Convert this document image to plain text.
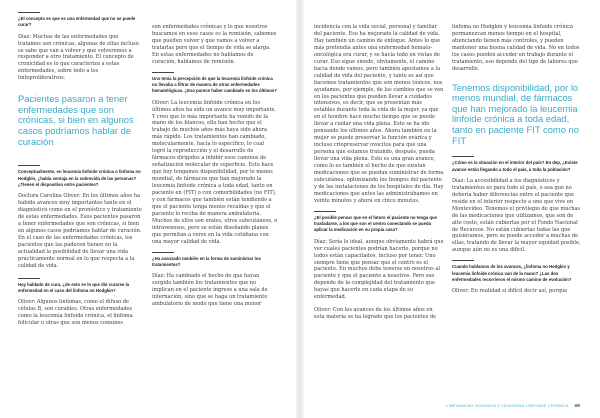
¿El concepto es que es una enfermedad que no se puede curar?

Díaz: Muchas de las enfermedades que tratamos son crónicas, algunas de ellas incluso se sabe que van a volver y que volveremos a responder a otro tratamiento. El concepto de cronicidad es lo que caracteriza a estas enfermedades, sobre todo a los linfoproliferativos.

Pacientes pasaron a tener enfermedades que son crónicas, si bien en algunos casos podríamos hablar de curación

Conceptualmente, en leucemia linfoide crónica o linfoma no Hodgkin, ¿había ventaja en la sobrevida de las personas? ¿Tienen el dispositivo entre pacientes?

Doctora Carolina Oliver: En los últimos años ha habido avances muy importantes tanto en el diagnóstico como en el pronóstico y tratamiento de estas enfermedades. Esos pacientes pasaron a tener enfermedades que son crónicas, si bien en algunos casos podríamos hablar de curación. En el caso de las enfermedades crónicas, los pacientes que las padecen tienen en la actualidad la posibilidad de llevar una vida prácticamente normal en lo que respecta a la calidad de vida.

Hay hablado de cura, ¿de esto es lo que dió curarse la enfermedad en el caso del linfoma no Hodgkin?

Oliver: Algunos linfomas, como el difuso de células B, son curables. Otras enfermedades como la leucemia linfoide crónica, el linfoma folicular u otras que son menos comunes

son enfermedades crónicas y lo que nosotros buscamos en esos casos es la remisión, sabemos que pueden volver y que vamos a volver a tratarlas pero que el tiempo de vida se alarga. En estas enfermedades no hablamos de curación, hablamos de remisión.

Uno tenía la percepción de que la leucemia linfoide crónica no llevaba a filtrar de manera de otras enfermedades hematológicas. ¿Eso parece haber cambiado en los últimos?

Oliver: La leucemia linfoide crónica en los últimos años ha sido un avance muy importante. Y creo que lo más importante ha venido de la mano de los blancos, ello han hecho que el trabajo de muchos años más haya sido ahora más rápido. Los tratamientos han cambiado, molecularmente, hacía lo específico, lo cual logró la reproducción y el desarrollo de fármacos dirigidos a inhibir esos caminos de señalización molecular de superficie. Esto hace que hoy tengamos disponibilidad, por lo menos mundial, de fármacos que han mejorado la leucemia linfoide crónica a toda edad, tanto en paciente en (FIT) o con comorbilidades (no FIT), y con fármacos que también están tendiendo a que el paciente tenga menos recaídas y que el paciente lo reciba de manera ambulatoria. Muchos de ellos son orales, otros subcutáneos, o intravenosos, pero se están diseñando planes que permitan a verse en la vida cotidiana con una mayor calidad de vida.

¿Ha avanzado también en la forma de suministrar los tratamientos?

Díaz: Ha cambiado el hecho de que hayan surgido también los tratamientos que no implican en el paciente ingrese a una sala de internación, sino que se haga un tratamiento ambulatorio de modo que tiene una menor

incidencia con la vida social, personal y familiar del paciente. Eso ha mejorado la calidad de vida. Hay también un cambio de enfoque. Antes lo que más pretendía antes una enfermedad hemato-oncológica era curar, y se hacía todo en vistas de curar. Eso sigue siendo, obviamente, el camino hacia donde vamos, pero también apostamos a la calidad de vida del paciente, y tanto es así que hacemos tratamientos que son menos tóxicos, nos ayudamos, por ejemplo, de los cambios que se ven en los pacientes que pueden llevar a cuidados intensivos, es decir, que se presentan más estables durante toda la vida de la mujer, ya que en el hombre hace mucho tiempo que se puede llevar a cuidar una vida plena. Esto se ha ido pensando los últimos años. Ahora también en la mujer se puede preservar la función ovárica y incluso criopreservar ovocitos para que una persona que estamos tratando, después, pueda llevar una vida plena. Esto es una gran avance, como lo es también el hecho de que existan medicaciones que se puedan suministrar de forma subcutánea, optimizando los tiempos del paciente y de las instalaciones de los hospitales de día. Hay medicaciones que antes las administrábamos en veinte minutos y ahora en cinco minutos.

¿El posible pensar que en el futuro el paciente no tenga que trasladarse, a los que son el centro conectando se pueda aplicar la medicación en su propia casa?

Díaz: Sería lo ideal, aunque obviamente habrá que ver cuales pacientes podrían hacerlo, porque no todos están capacitados, incluso por tener. Uno siempre tiene que pensar que el centro es el paciente. En muchos debe tenerse en nosotros al paciente y que el paciente a nosotros. Pero eso depende de la complejidad del tratamiento que hayas que hacerle en cada etapa de su enfermedad.

Oliver: Con los avances de los últimos años en esta materia se ha logrado que los pacientes de

linfoma no Hodgkin y leucemia linfoide crónica permanezcan menos tiempo en el hospital, atienciando tienen más controles, y pueden mantener una buena calidad de vida. No en todos los casos pueden acceder en trabajo durante el tratamiento, eso depende del tipo de labores que desarrolle.

Tenemos disponibilidad, por lo menos mundial, de fármacos que han mejorado la leucemia linfoide crónica a toda edad, tanto en paciente FIT como no FIT

¿Cómo es la situación en el interior del país? En dep, ¿Existe avance están llegando a todo el país, a toda la población?

Díaz: La accesibilidad a los diagnósticos y tratamientos es para todo el país, o sea que no debería haber diferencias entre el paciente que reside en el interior respecto a uno que vive en Montevideo. Tenemos el privilegio de que muchas de las medicaciones que utilizamos, que son de alto costo, están cubiertas por el Fondo Nacional de Recursos. No están cubiertas todas las que quisiéramos, pero se puede acceder a muchas de ellas, tratando de llevar la mayor equidad posible, aunque aún no es una dificil.

Cuando hablamos de los avances, ¿linfoma no Hodgkin y leucemia linfoide crónica van de la mano? ¿Las dos enfermedades recorrieron el mismo camino de evolución?

Oliver: En realidad si difícil decir así, porque

LINFOMA NO HODGKIN Y LEUCEMIA LINFOIDE CRÓNICA 49
